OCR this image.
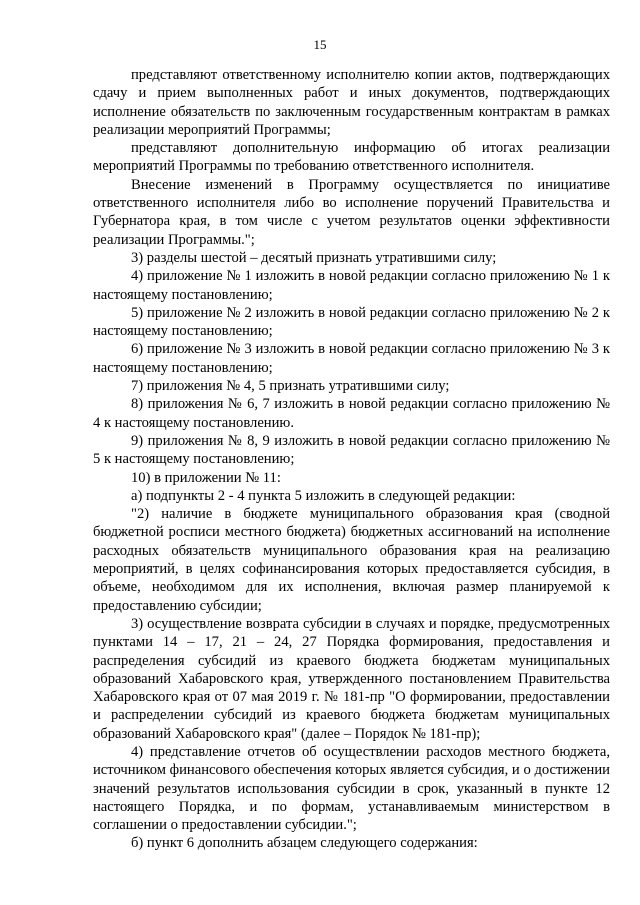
15

представляют ответственному исполнителю копии актов, подтверждающих сдачу и прием выполненных работ и иных документов, подтверждающих исполнение обязательств по заключенным государственным контрактам в рамках реализации мероприятий Программы;

представляют дополнительную информацию об итогах реализации мероприятий Программы по требованию ответственного исполнителя.

Внесение изменений в Программу осуществляется по инициативе ответственного исполнителя либо во исполнение поручений Правительства и Губернатора края, в том числе с учетом результатов оценки эффективности реализации Программы.";

3) разделы шестой – десятый признать утратившими силу;

4) приложение № 1 изложить в новой редакции согласно приложению № 1 к настоящему постановлению;

5) приложение № 2 изложить в новой редакции согласно приложению № 2 к настоящему постановлению;

6) приложение № 3 изложить в новой редакции согласно приложению № 3 к настоящему постановлению;

7) приложения № 4, 5 признать утратившими силу;

8) приложения № 6, 7 изложить в новой редакции согласно приложению № 4 к настоящему постановлению.

9) приложения № 8, 9 изложить в новой редакции согласно приложению № 5 к настоящему постановлению;

10) в приложении № 11:

а) подпункты 2 - 4 пункта 5 изложить в следующей редакции:

"2) наличие в бюджете муниципального образования края (сводной бюджетной росписи местного бюджета) бюджетных ассигнований на исполнение расходных обязательств муниципального образования края на реализацию мероприятий, в целях софинансирования которых предоставляется субсидия, в объеме, необходимом для их исполнения, включая размер планируемой к предоставлению субсидии;

3) осуществление возврата субсидии в случаях и порядке, предусмотренных пунктами 14 – 17, 21 – 24, 27 Порядка формирования, предоставления и распределения субсидий из краевого бюджета бюджетам муниципальных образований Хабаровского края, утвержденного постановлением Правительства Хабаровского края от 07 мая 2019 г. № 181-пр "О формировании, предоставлении и распределении субсидий из краевого бюджета бюджетам муниципальных образований Хабаровского края" (далее – Порядок № 181-пр);

4) представление отчетов об осуществлении расходов местного бюджета, источником финансового обеспечения которых является субсидия, и о достижении значений результатов использования субсидии в срок, указанный в пункте 12 настоящего Порядка, и по формам, устанавливаемым министерством в соглашении о предоставлении субсидии.";

б) пункт 6 дополнить абзацем следующего содержания:
